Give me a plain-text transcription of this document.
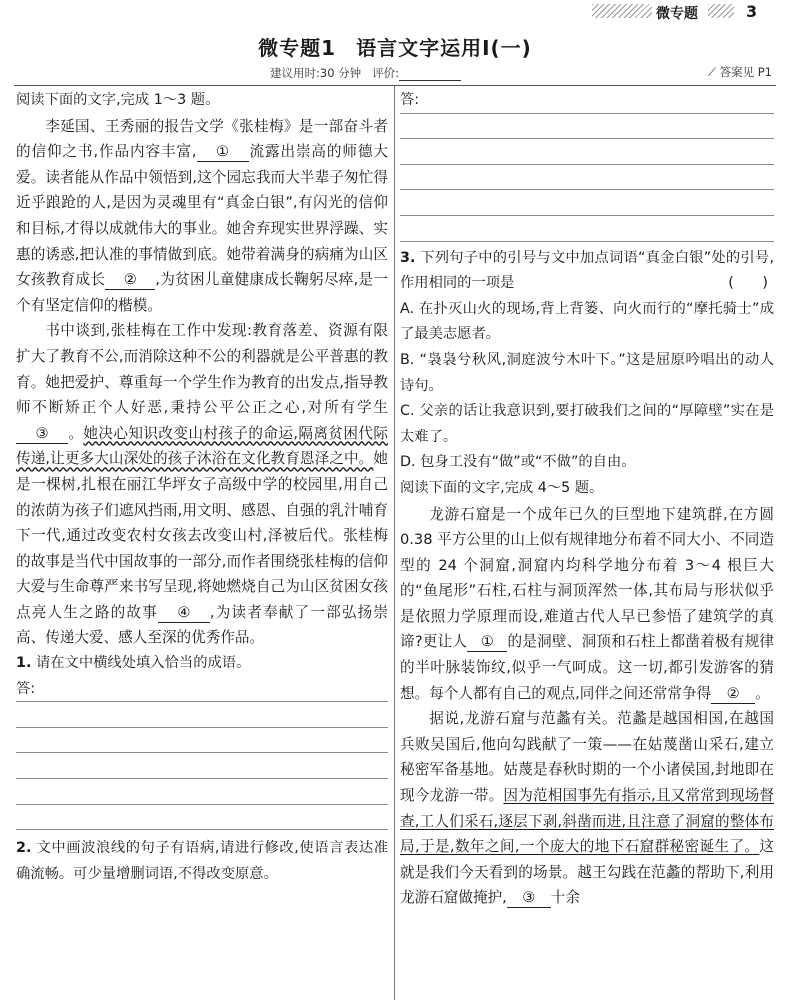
微专题	3
微专题1 语言文字运用Ⅰ(一)
建议用时:30 分钟 评价:	⟋ 答案见 P1

阅读下面的文字,完成 1～3 题。

李延国、王秀丽的报告文学《张桂梅》是一部奋斗者的信仰之书,作品内容丰富, ① 流露出崇高的师德大爱。读者能从作品中领悟到,这个园忘我而大半辈子匆忙得近乎踉跄的人,是因为灵魂里有“真金白银”,有闪光的信仰和目标,才得以成就伟大的事业。她舍弃现实世界浮躁、实惠的诱惑,把认准的事情做到底。她带着满身的病痛为山区女孩教育成长 ② ,为贫困儿童健康成长鞠躬尽瘁,是一个有坚定信仰的楷模。

书中谈到,张桂梅在工作中发现:教育落差、资源有限扩大了教育不公,而消除这种不公的利器就是公平普惠的教育。她把爱护、尊重每一个学生作为教育的出发点,指导教师不断矫正个人好恶,秉持公平公正之心,对所有学生③ 。她决心知识改变山村孩子的命运,隔离贫困代际传递,让更多大山深处的孩子沐浴在文化教育恩泽之中。她是一棵树,扎根在丽江华坪女子高级中学的校园里,用自己的浓荫为孩子们遮风挡雨,用文明、感恩、自强的乳汁哺育下一代,通过改变农村女孩去改变山村,泽被后代。张桂梅的故事是当代中国故事的一部分,而作者围绕张桂梅的信仰大爱与生命尊严来书写呈现,将她燃烧自己为山区贫困女孩点亮人生之路的故事 ④ ,为读者奉献了一部弘扬崇高、传递大爱、感人至深的优秀作品。

1. 请在文中横线处填入恰当的成语。

答:

2. 文中画波浪线的句子有语病,请进行修改,使语言表达准确流畅。可少量增删词语,不得改变原意。

答:

3. 下列句子中的引号与文中加点词语“真金白银”处的引号,作用相同的一项是	(　　)

A. 在扑灭山火的现场,背上背篓、向火而行的“摩托骑士”成了最美志愿者。

B. “袅袅兮秋风,洞庭波兮木叶下。”这是屈原吟唱出的动人诗句。

C. 父亲的话让我意识到,要打破我们之间的“厚障壁”实在是太难了。

D. 包身工没有“做”或“不做”的自由。

阅读下面的文字,完成 4～5 题。

龙游石窟是一个成年已久的巨型地下建筑群,在方圆 0.38 平方公里的山上似有规律地分布着不同大小、不同造型的 24 个洞窟,洞窟内均科学地分布着 3～4 根巨大的“鱼尾形”石柱,石柱与洞顶浑然一体,其布局与形状似乎是依照力学原理而设,难道古代人早已参悟了建筑学的真谛?更让人 ① 的是洞壁、洞顶和石柱上都凿着极有规律的半叶脉装饰纹,似乎一气呵成。这一切,都引发游客的猜想。每个人都有自己的观点,同伴之间还常常争得 ② 。

据说,龙游石窟与范蠡有关。范蠡是越国相国,在越国兵败吴国后,他向勾践献了一策——在姑蔑凿山采石,建立秘密军备基地。姑蔑是春秋时期的一个小诸侯国,封地即在现今龙游一带。因为范相国事先有指示,且又常常到现场督查,工人们采石,逐层下剥,斜凿而进,且注意了洞窟的整体布局,于是,数年之间,一个庞大的地下石窟群秘密诞生了。这就是我们今天看到的场景。越王勾践在范蠡的帮助下,利用龙游石窟做掩护, ③ 十余
